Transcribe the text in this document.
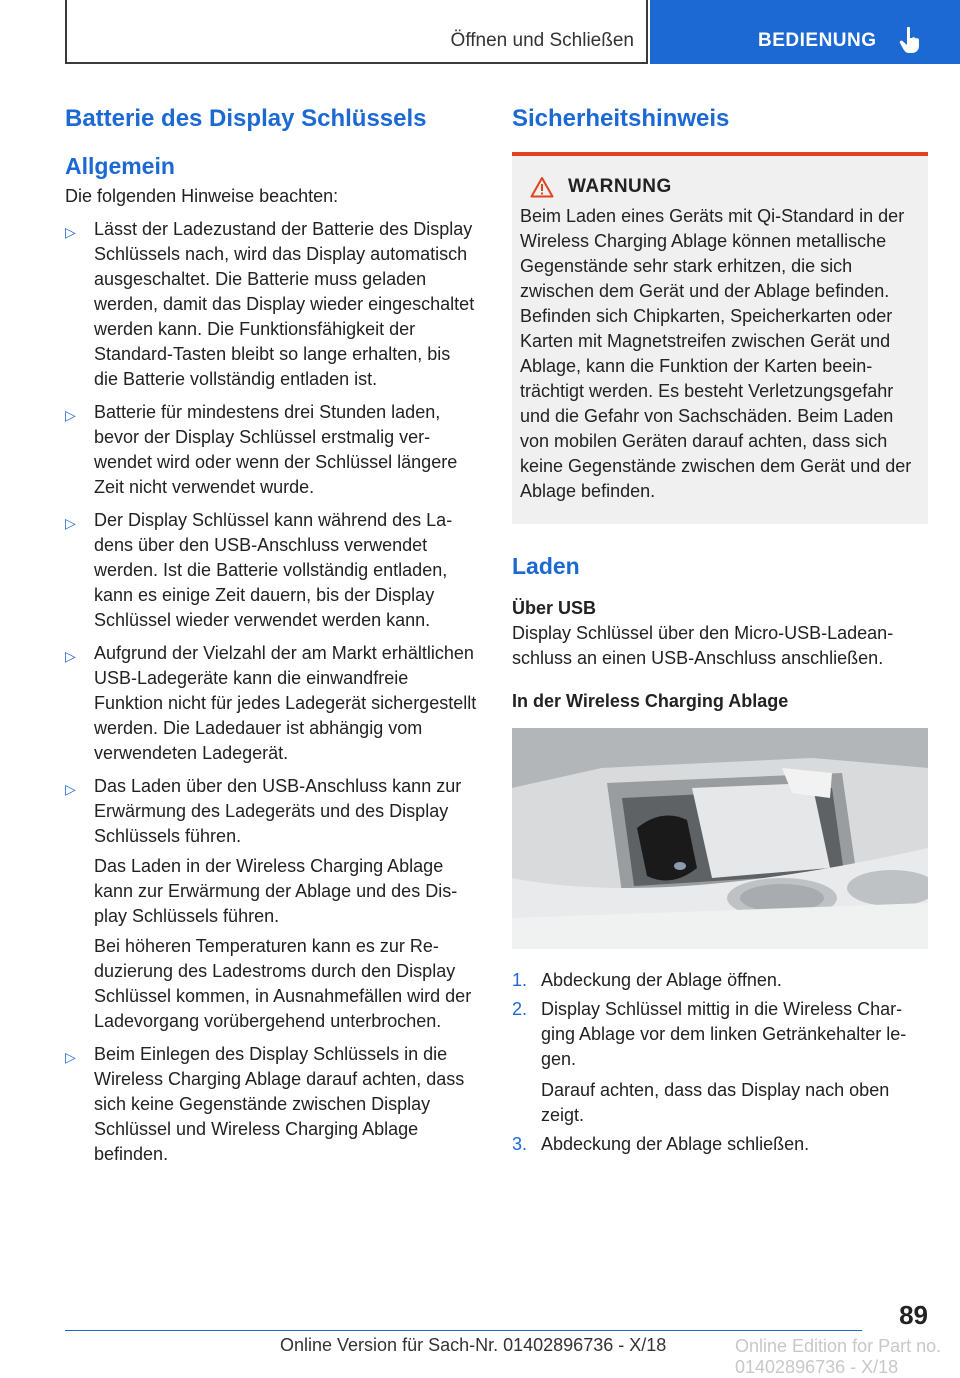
Öffnen und Schließen	BEDIENUNG
Batterie des Display Schlüssels
Allgemein

Die folgenden Hinweise beachten:

▷ Lässt der Ladezustand der Batterie des Display Schlüssels nach, wird das Display automatisch ausgeschaltet. Die Batterie muss geladen werden, damit das Display wieder eingeschaltet werden kann. Die Funktionsfähigkeit der Standard-Tasten bleibt so lange erhalten, bis die Batterie vollständig entladen ist.
▷ Batterie für mindestens drei Stunden laden, bevor der Display Schlüssel erstmalig verwendet wird oder wenn der Schlüssel längere Zeit nicht verwendet wurde.
▷ Der Display Schlüssel kann während des Ladens über den USB-Anschluss verwendet werden. Ist die Batterie vollständig entladen, kann es einige Zeit dauern, bis der Display Schlüssel wieder verwendet werden kann.
▷ Aufgrund der Vielzahl der am Markt erhältlichen USB-Ladegeräte kann die einwandfreie Funktion nicht für jedes Ladegerät sichergestellt werden. Die Ladedauer ist abhängig vom verwendeten Ladegerät.
▷ Das Laden über den USB-Anschluss kann zur Erwärmung des Ladegeräts und des Display Schlüssels führen.

Das Laden in der Wireless Charging Ablage kann zur Erwärmung der Ablage und des Display Schlüssels führen.

Bei höheren Temperaturen kann es zur Reduzierung des Ladestroms durch den Display Schlüssel kommen, in Ausnahmefällen wird der Ladevorgang vorübergehend unterbrochen.

▷ Beim Einlegen des Display Schlüssels in die Wireless Charging Ablage darauf achten, dass sich keine Gegenstände zwischen Display Schlüssel und Wireless Charging Ablage befinden.
Sicherheitshinweis
WARNUNG

Beim Laden eines Geräts mit Qi-Standard in der Wireless Charging Ablage können metallische Gegenstände sehr stark erhitzen, die sich zwischen dem Gerät und der Ablage befinden. Befinden sich Chipkarten, Speicherkarten oder Karten mit Magnetstreifen zwischen Gerät und Ablage, kann die Funktion der Karten beeinträchtigt werden. Es besteht Verletzungsgefahr und die Gefahr von Sachschäden. Beim Laden von mobilen Geräten darauf achten, dass sich keine Gegenstände zwischen dem Gerät und der Ablage befinden.

Laden

Über USB

Display Schlüssel über den Micro-USB-Ladeanschluss an einen USB-Anschluss anschließen.

In der Wireless Charging Ablage

1. Abdeckung der Ablage öffnen.
2. Display Schlüssel mittig in die Wireless Charging Ablage vor dem linken Getränkehalter legen.

Darauf achten, dass das Display nach oben zeigt.

3. Abdeckung der Ablage schließen.
89
Online Version für Sach-Nr. 01402896736 - X/18	Online Edition for Part no. 01402896736 - X/18
